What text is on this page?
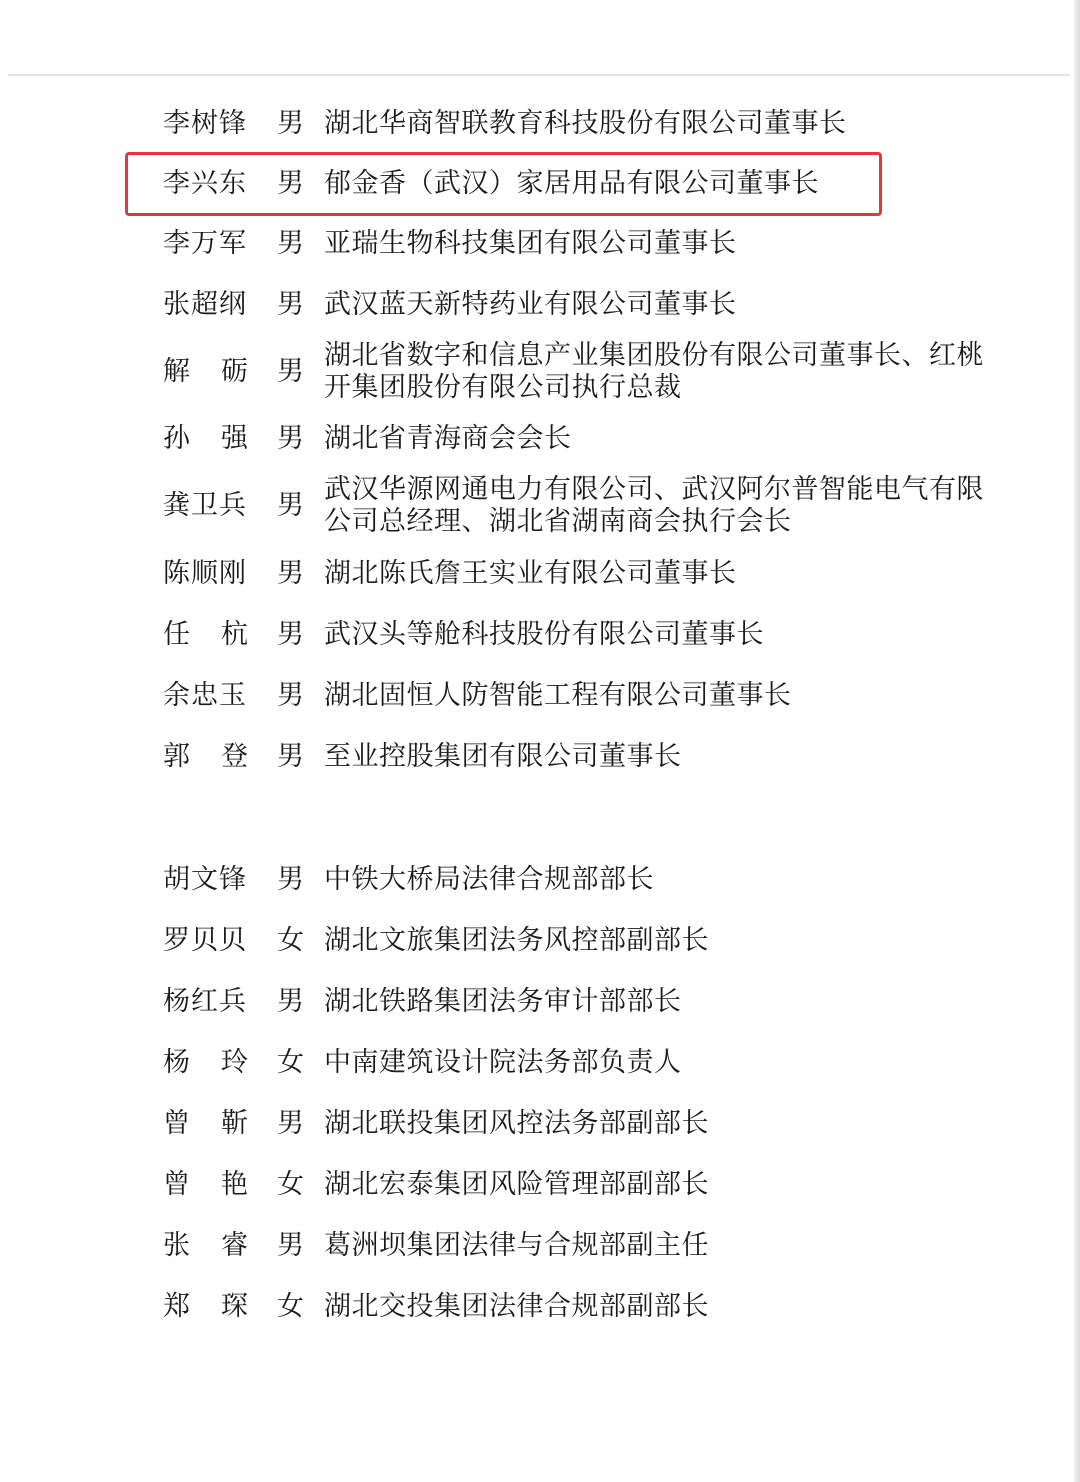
李树锋 男 湖北华商智联教育科技股份有限公司董事长
李兴东 男 郁金香（武汉）家居用品有限公司董事长
李万军 男 亚瑞生物科技集团有限公司董事长
张超纲 男 武汉蓝天新特药业有限公司董事长
解 砺 男
湖北省数字和信息产业集团股份有限公司董事长、红桃
开集团股份有限公司执行总裁
孙 强 男 湖北省青海商会会长
龚卫兵 男
武汉华源网通电力有限公司、武汉阿尔普智能电气有限
公司总经理、湖北省湖南商会执行会长
陈顺刚 男 湖北陈氏詹王实业有限公司董事长
任 杭 男 武汉头等舱科技股份有限公司董事长
余忠玉 男 湖北固恒人防智能工程有限公司董事长
郭 登 男 至业控股集团有限公司董事长
胡文锋 男 中铁大桥局法律合规部部长
罗贝贝 女 湖北文旅集团法务风控部副部长
杨红兵 男 湖北铁路集团法务审计部部长
杨 玲 女 中南建筑设计院法务部负责人
曾 靳 男 湖北联投集团风控法务部副部长
曾 艳 女 湖北宏泰集团风险管理部副部长
张 睿 男 葛洲坝集团法律与合规部副主任
郑 琛 女 湖北交投集团法律合规部副部长
